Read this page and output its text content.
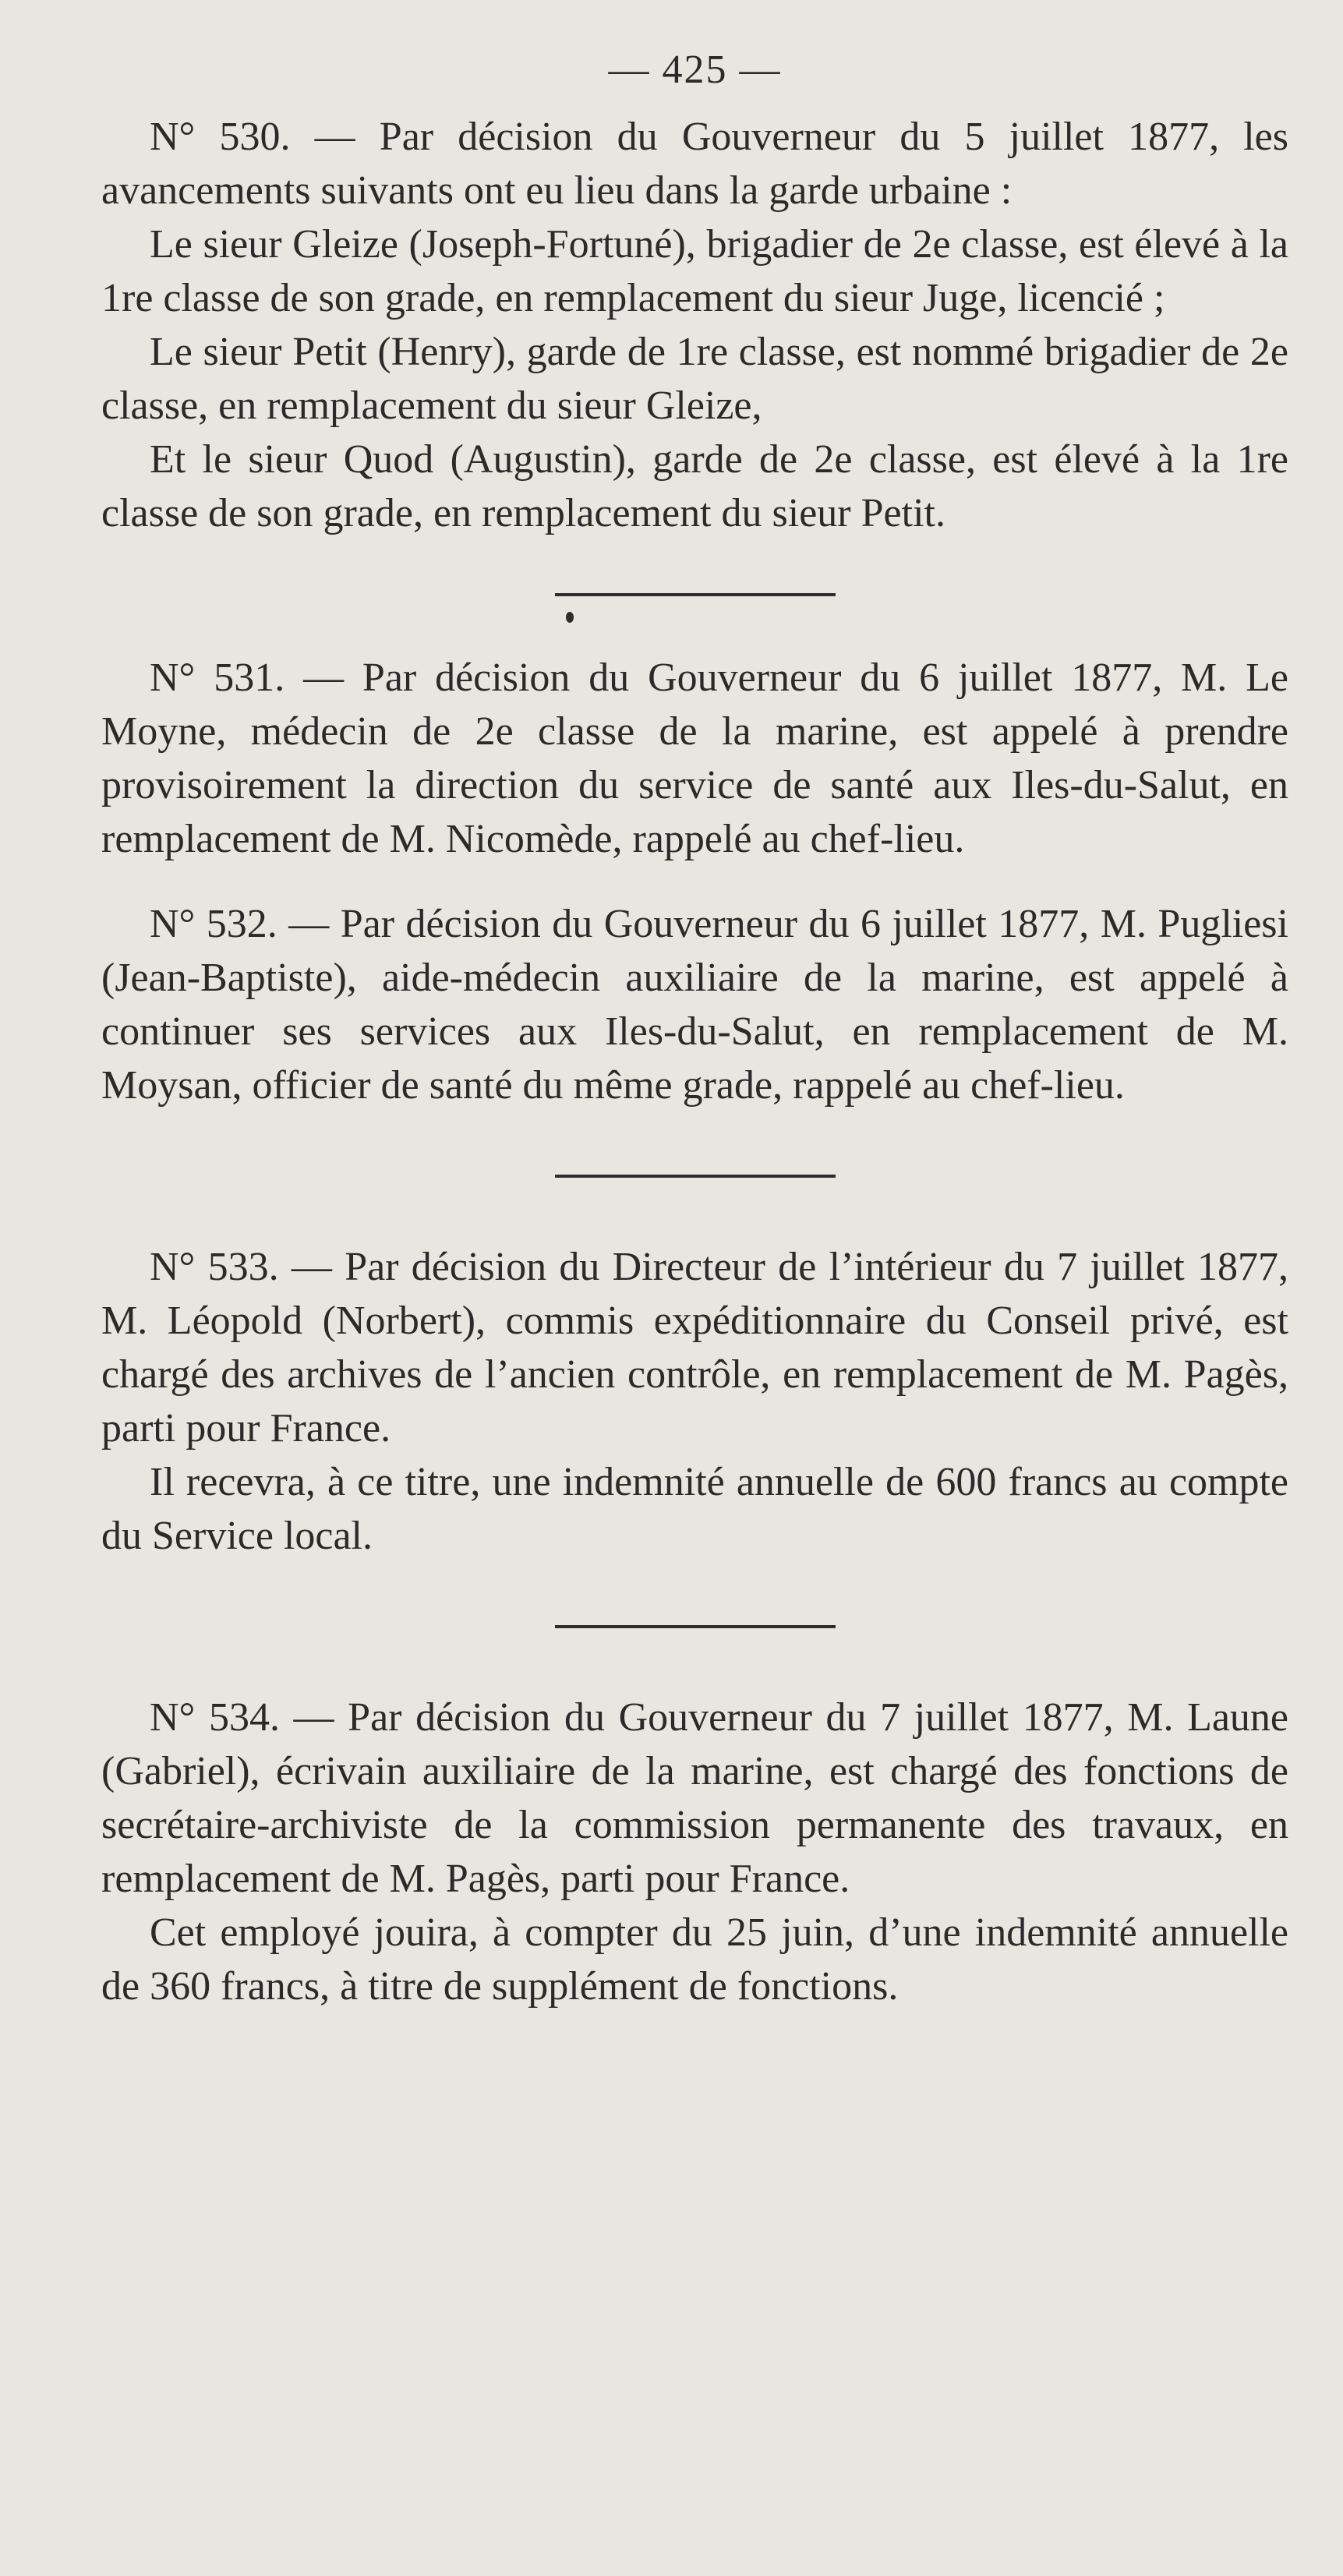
— 425 —

N° 530. — Par décision du Gouverneur du 5 juillet 1877, les avancements suivants ont eu lieu dans la garde urbaine :

Le sieur Gleize (Joseph-Fortuné), brigadier de 2e classe, est élevé à la 1re classe de son grade, en remplacement du sieur Juge, licencié ;

Le sieur Petit (Henry), garde de 1re classe, est nommé brigadier de 2e classe, en remplacement du sieur Gleize,

Et le sieur Quod (Augustin), garde de 2e classe, est élevé à la 1re classe de son grade, en remplacement du sieur Petit.

N° 531. — Par décision du Gouverneur du 6 juillet 1877, M. Le Moyne, médecin de 2e classe de la marine, est appelé à prendre provisoirement la direction du service de santé aux Iles-du-Salut, en remplacement de M. Nicomède, rappelé au chef-lieu.

N° 532. — Par décision du Gouverneur du 6 juillet 1877, M. Pugliesi (Jean-Baptiste), aide-médecin auxiliaire de la marine, est appelé à continuer ses services aux Iles-du-Salut, en remplacement de M. Moysan, officier de santé du même grade, rappelé au chef-lieu.

N° 533. — Par décision du Directeur de l’intérieur du 7 juillet 1877, M. Léopold (Norbert), commis expéditionnaire du Conseil privé, est chargé des archives de l’ancien contrôle, en remplacement de M. Pagès, parti pour France.

Il recevra, à ce titre, une indemnité annuelle de 600 francs au compte du Service local.

N° 534. — Par décision du Gouverneur du 7 juillet 1877, M. Laune (Gabriel), écrivain auxiliaire de la marine, est chargé des fonctions de secrétaire-archiviste de la commission permanente des travaux, en remplacement de M. Pagès, parti pour France.

Cet employé jouira, à compter du 25 juin, d’une indemnité annuelle de 360 francs, à titre de supplément de fonctions.
